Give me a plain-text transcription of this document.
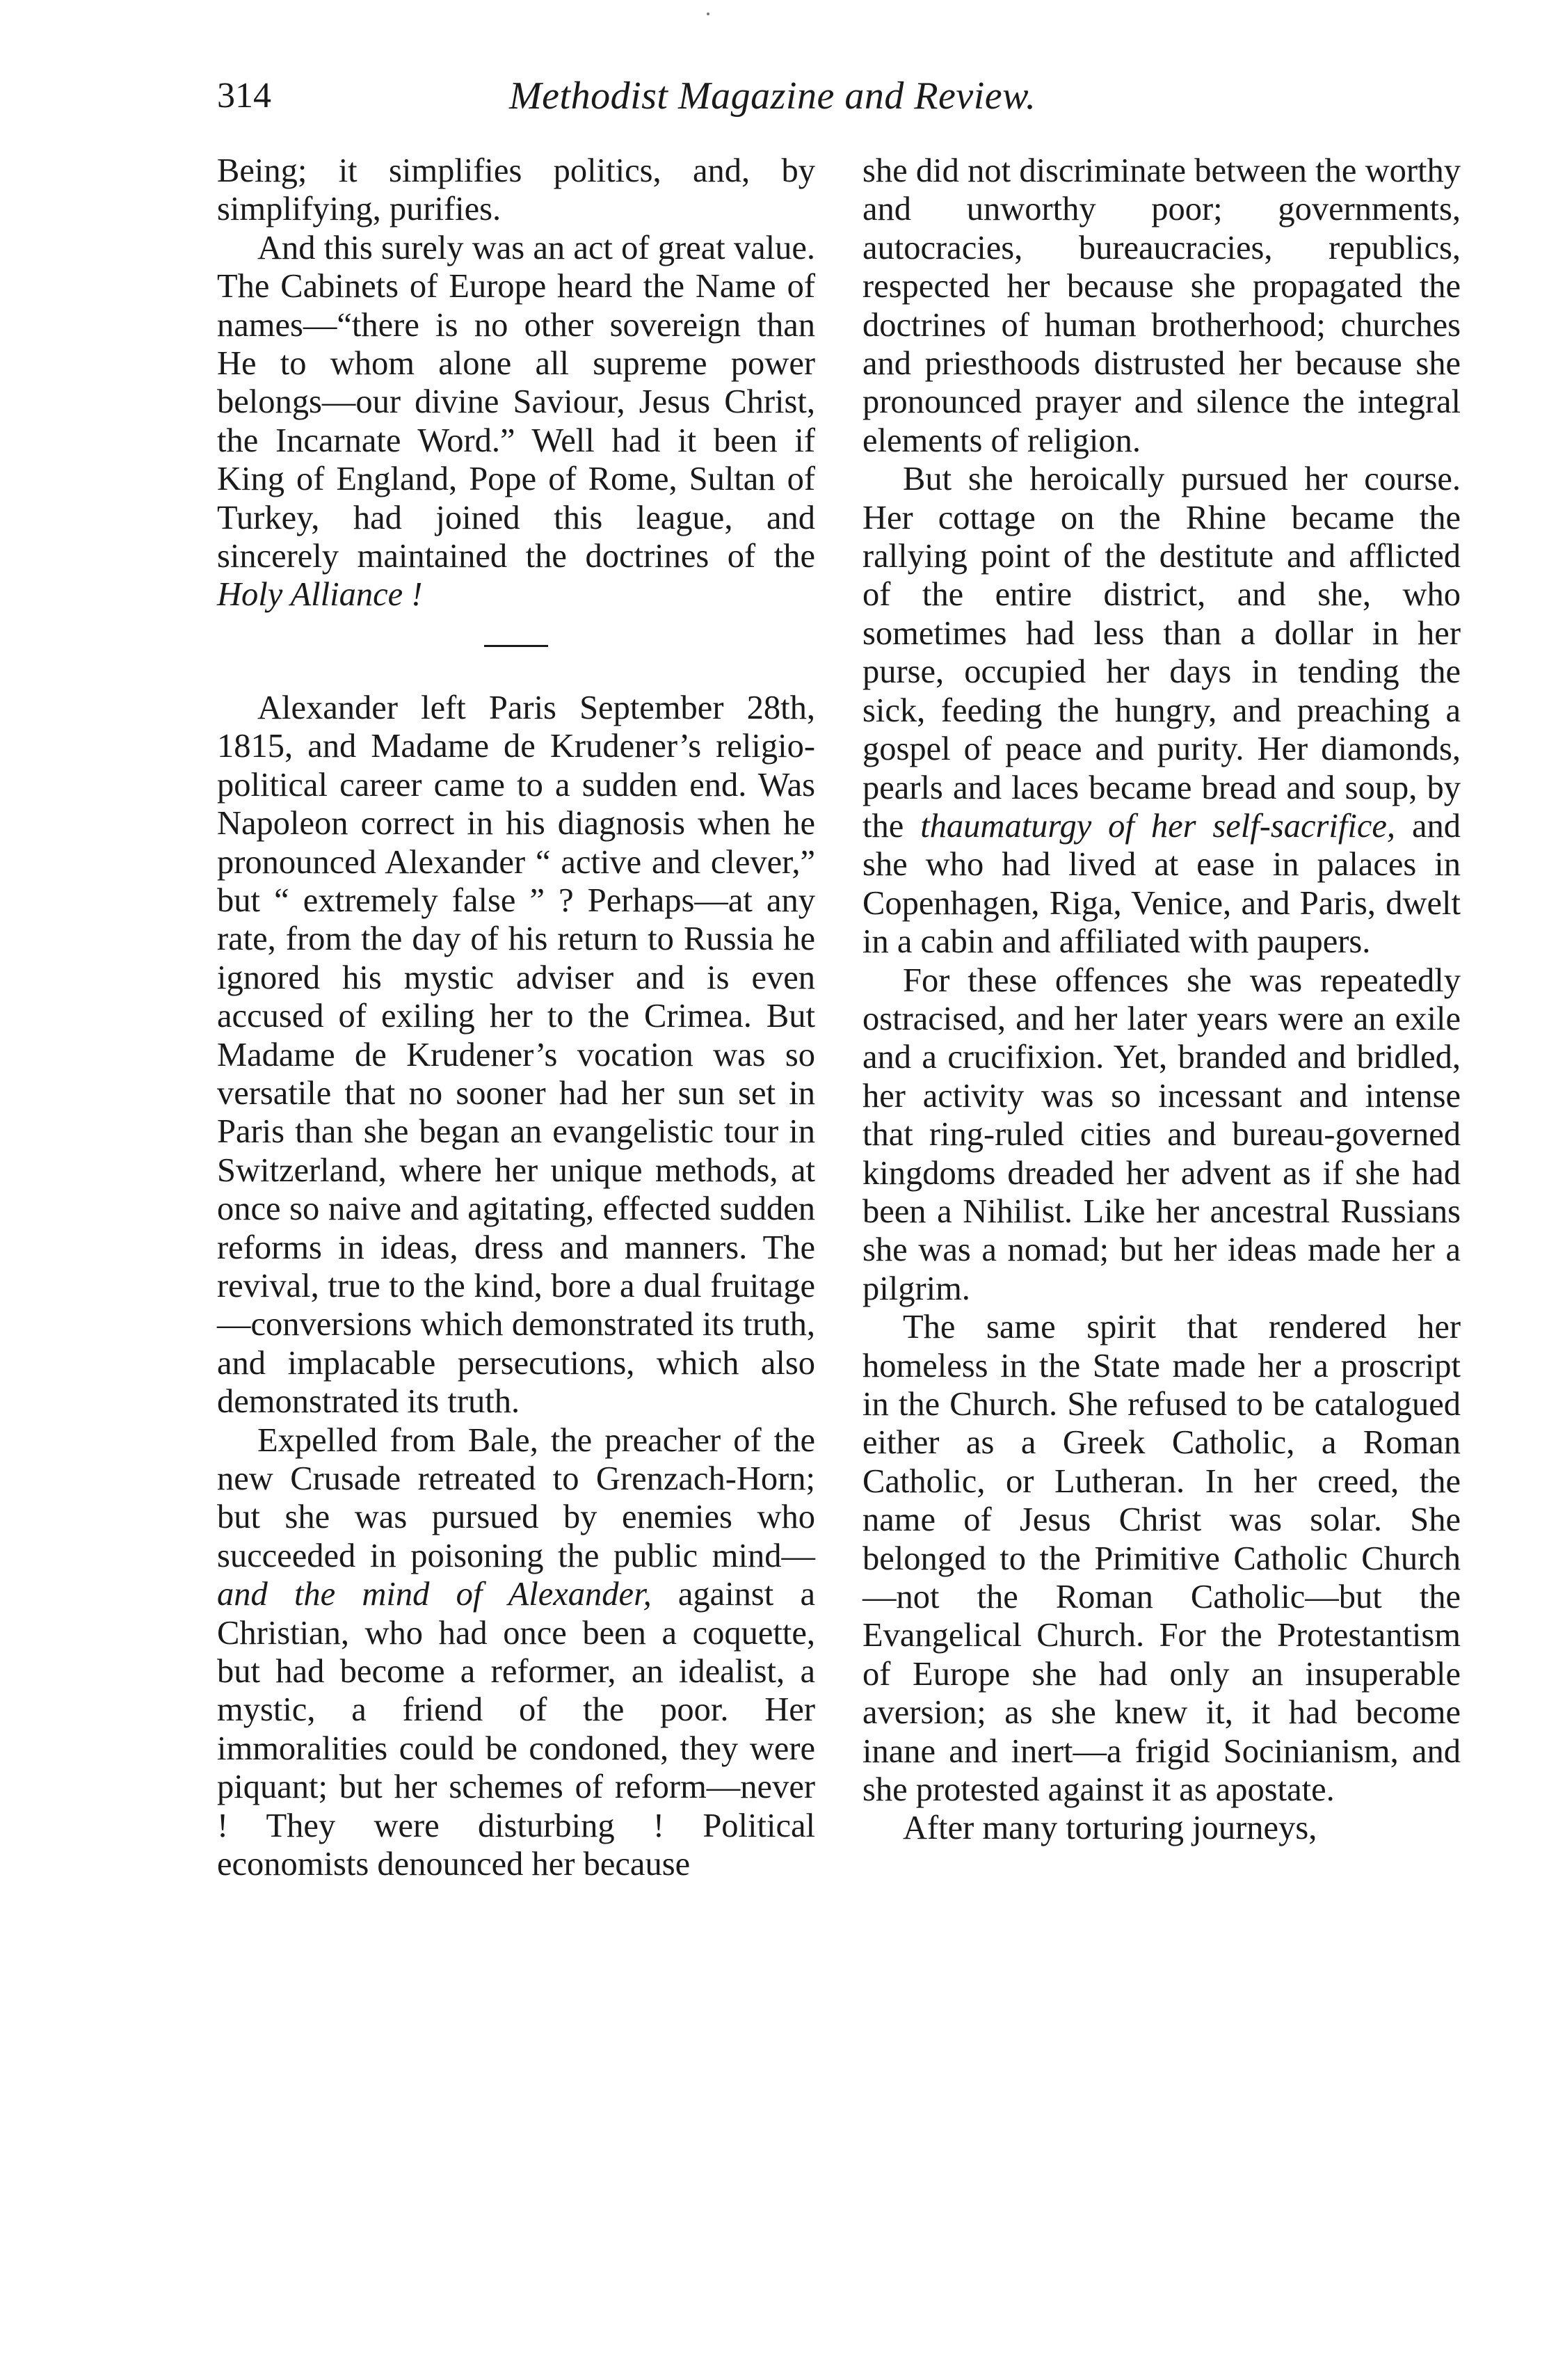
314	Methodist Magazine and Review.

Being; it simplifies politics, and, by simplifying, purifies.

And this surely was an act of great value. The Cabinets of Europe heard the Name of names—“there is no other sovereign than He to whom alone all supreme power belongs—our divine Saviour, Jesus Christ, the Incarnate Word.” Well had it been if King of England, Pope of Rome, Sultan of Turkey, had joined this league, and sincerely maintained the doctrines of the Holy Alliance !

Alexander left Paris September 28th, 1815, and Madame de Krudener’s religio-political career came to a sudden end. Was Napoleon correct in his diagnosis when he pronounced Alexander “ active and clever,” but “ extremely false ” ? Perhaps—at any rate, from the day of his return to Russia he ignored his mystic adviser and is even accused of exiling her to the Crimea. But Madame de Krudener’s vocation was so versatile that no sooner had her sun set in Paris than she began an evangelistic tour in Switzerland, where her unique methods, at once so naive and agitating, effected sudden reforms in ideas, dress and manners. The revival, true to the kind, bore a dual fruitage—conversions which demonstrated its truth, and implacable persecutions, which also demonstrated its truth.

Expelled from Bale, the preacher of the new Crusade retreated to Grenzach-Horn; but she was pursued by enemies who succeeded in poisoning the public mind—and the mind of Alexander, against a Christian, who had once been a coquette, but had become a reformer, an idealist, a mystic, a friend of the poor. Her immoralities could be condoned, they were piquant; but her schemes of reform—never ! They were disturbing ! Political economists denounced her because

she did not discriminate between the worthy and unworthy poor; governments, autocracies, bureaucracies, republics, respected her because she propagated the doctrines of human brotherhood; churches and priesthoods distrusted her because she pronounced prayer and silence the integral elements of religion.

But she heroically pursued her course. Her cottage on the Rhine became the rallying point of the destitute and afflicted of the entire district, and she, who sometimes had less than a dollar in her purse, occupied her days in tending the sick, feeding the hungry, and preaching a gospel of peace and purity. Her diamonds, pearls and laces became bread and soup, by the thaumaturgy of her self-sacrifice, and she who had lived at ease in palaces in Copenhagen, Riga, Venice, and Paris, dwelt in a cabin and affiliated with paupers.

For these offences she was repeatedly ostracised, and her later years were an exile and a crucifixion. Yet, branded and bridled, her activity was so incessant and intense that ring-ruled cities and bureau-governed kingdoms dreaded her advent as if she had been a Nihilist. Like her ancestral Russians she was a nomad; but her ideas made her a pilgrim.

The same spirit that rendered her homeless in the State made her a proscript in the Church. She refused to be catalogued either as a Greek Catholic, a Roman Catholic, or Lutheran. In her creed, the name of Jesus Christ was solar. She belonged to the Primitive Catholic Church—not the Roman Catholic—but the Evangelical Church. For the Protestantism of Europe she had only an insuperable aversion; as she knew it, it had become inane and inert—a frigid Socinianism, and she protested against it as apostate.

After many torturing journeys,
